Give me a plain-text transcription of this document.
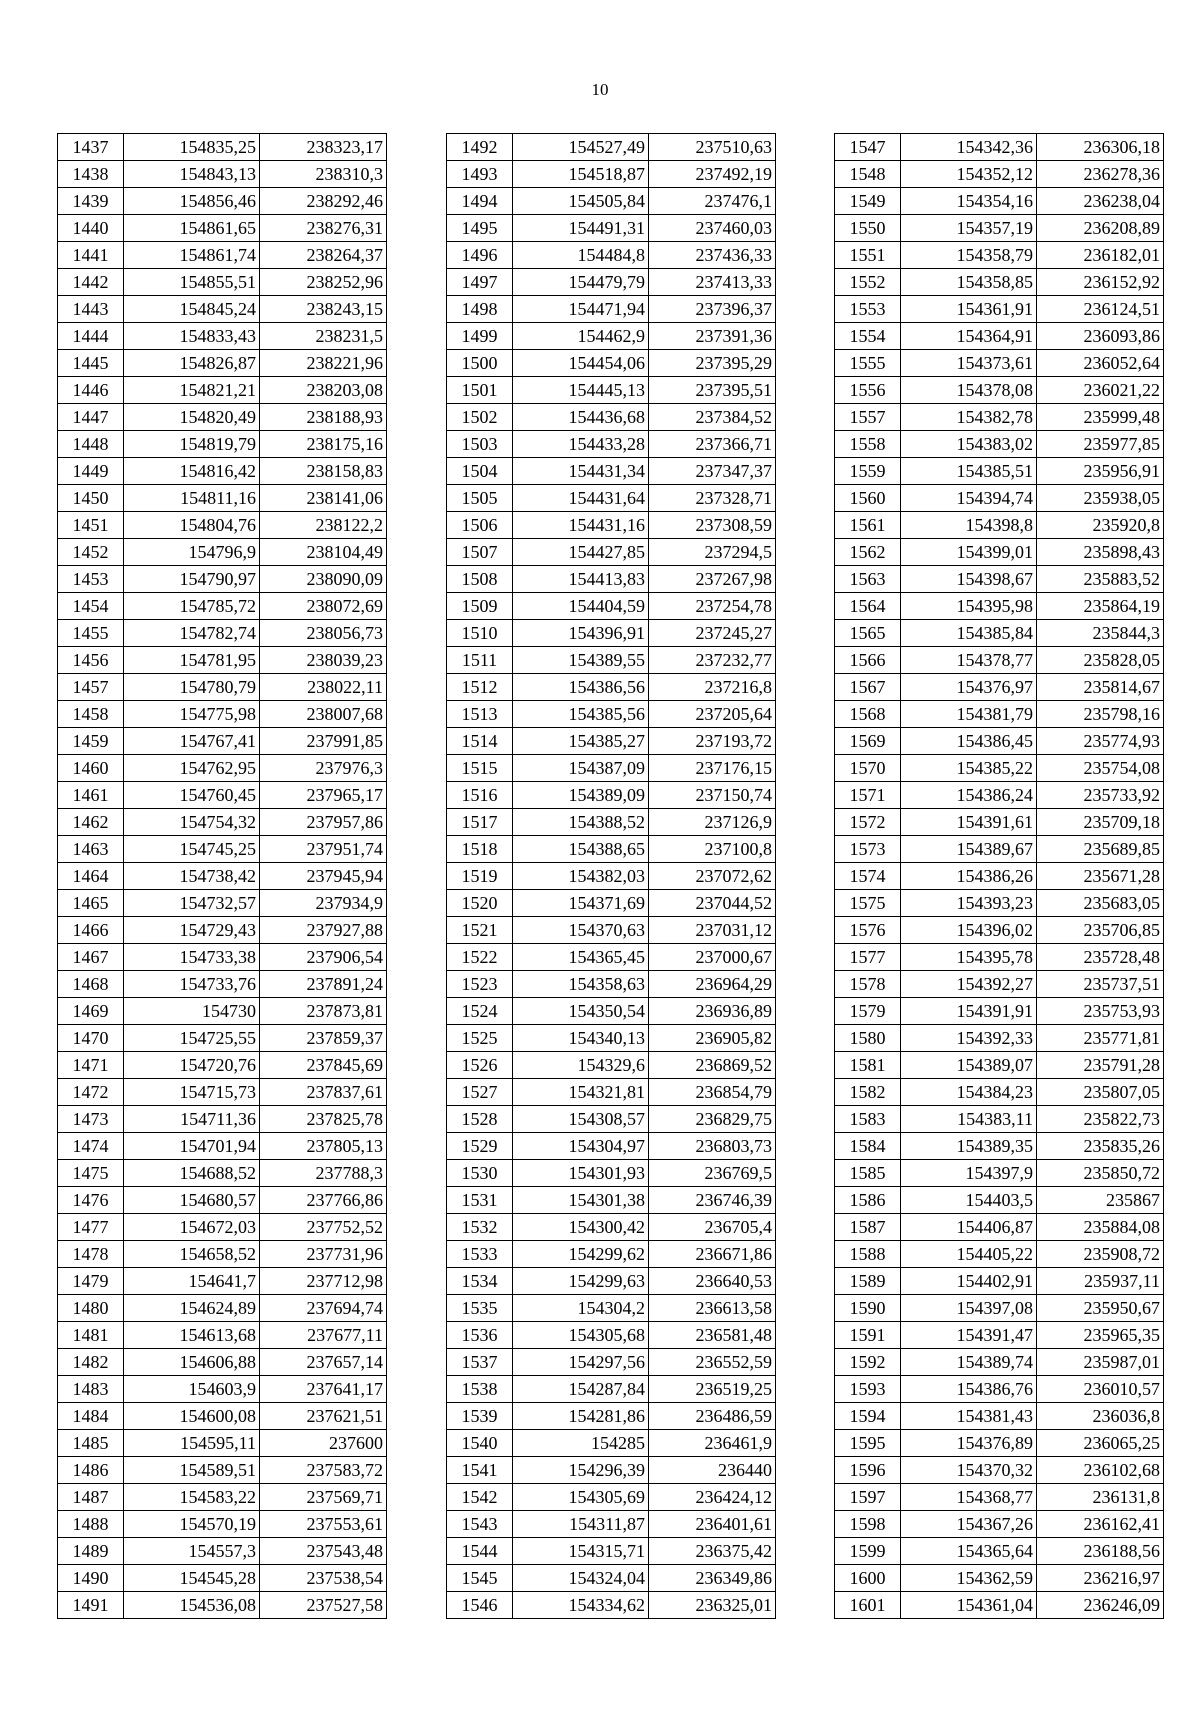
10
1437	154835,25	238323,17
1438	154843,13	238310,3
1439	154856,46	238292,46
1440	154861,65	238276,31
1441	154861,74	238264,37
1442	154855,51	238252,96
1443	154845,24	238243,15
1444	154833,43	238231,5
1445	154826,87	238221,96
1446	154821,21	238203,08
1447	154820,49	238188,93
1448	154819,79	238175,16
1449	154816,42	238158,83
1450	154811,16	238141,06
1451	154804,76	238122,2
1452	154796,9	238104,49
1453	154790,97	238090,09
1454	154785,72	238072,69
1455	154782,74	238056,73
1456	154781,95	238039,23
1457	154780,79	238022,11
1458	154775,98	238007,68
1459	154767,41	237991,85
1460	154762,95	237976,3
1461	154760,45	237965,17
1462	154754,32	237957,86
1463	154745,25	237951,74
1464	154738,42	237945,94
1465	154732,57	237934,9
1466	154729,43	237927,88
1467	154733,38	237906,54
1468	154733,76	237891,24
1469	154730	237873,81
1470	154725,55	237859,37
1471	154720,76	237845,69
1472	154715,73	237837,61
1473	154711,36	237825,78
1474	154701,94	237805,13
1475	154688,52	237788,3
1476	154680,57	237766,86
1477	154672,03	237752,52
1478	154658,52	237731,96
1479	154641,7	237712,98
1480	154624,89	237694,74
1481	154613,68	237677,11
1482	154606,88	237657,14
1483	154603,9	237641,17
1484	154600,08	237621,51
1485	154595,11	237600
1486	154589,51	237583,72
1487	154583,22	237569,71
1488	154570,19	237553,61
1489	154557,3	237543,48
1490	154545,28	237538,54
1491	154536,08	237527,58
1492	154527,49	237510,63
1493	154518,87	237492,19
1494	154505,84	237476,1
1495	154491,31	237460,03
1496	154484,8	237436,33
1497	154479,79	237413,33
1498	154471,94	237396,37
1499	154462,9	237391,36
1500	154454,06	237395,29
1501	154445,13	237395,51
1502	154436,68	237384,52
1503	154433,28	237366,71
1504	154431,34	237347,37
1505	154431,64	237328,71
1506	154431,16	237308,59
1507	154427,85	237294,5
1508	154413,83	237267,98
1509	154404,59	237254,78
1510	154396,91	237245,27
1511	154389,55	237232,77
1512	154386,56	237216,8
1513	154385,56	237205,64
1514	154385,27	237193,72
1515	154387,09	237176,15
1516	154389,09	237150,74
1517	154388,52	237126,9
1518	154388,65	237100,8
1519	154382,03	237072,62
1520	154371,69	237044,52
1521	154370,63	237031,12
1522	154365,45	237000,67
1523	154358,63	236964,29
1524	154350,54	236936,89
1525	154340,13	236905,82
1526	154329,6	236869,52
1527	154321,81	236854,79
1528	154308,57	236829,75
1529	154304,97	236803,73
1530	154301,93	236769,5
1531	154301,38	236746,39
1532	154300,42	236705,4
1533	154299,62	236671,86
1534	154299,63	236640,53
1535	154304,2	236613,58
1536	154305,68	236581,48
1537	154297,56	236552,59
1538	154287,84	236519,25
1539	154281,86	236486,59
1540	154285	236461,9
1541	154296,39	236440
1542	154305,69	236424,12
1543	154311,87	236401,61
1544	154315,71	236375,42
1545	154324,04	236349,86
1546	154334,62	236325,01
1547	154342,36	236306,18
1548	154352,12	236278,36
1549	154354,16	236238,04
1550	154357,19	236208,89
1551	154358,79	236182,01
1552	154358,85	236152,92
1553	154361,91	236124,51
1554	154364,91	236093,86
1555	154373,61	236052,64
1556	154378,08	236021,22
1557	154382,78	235999,48
1558	154383,02	235977,85
1559	154385,51	235956,91
1560	154394,74	235938,05
1561	154398,8	235920,8
1562	154399,01	235898,43
1563	154398,67	235883,52
1564	154395,98	235864,19
1565	154385,84	235844,3
1566	154378,77	235828,05
1567	154376,97	235814,67
1568	154381,79	235798,16
1569	154386,45	235774,93
1570	154385,22	235754,08
1571	154386,24	235733,92
1572	154391,61	235709,18
1573	154389,67	235689,85
1574	154386,26	235671,28
1575	154393,23	235683,05
1576	154396,02	235706,85
1577	154395,78	235728,48
1578	154392,27	235737,51
1579	154391,91	235753,93
1580	154392,33	235771,81
1581	154389,07	235791,28
1582	154384,23	235807,05
1583	154383,11	235822,73
1584	154389,35	235835,26
1585	154397,9	235850,72
1586	154403,5	235867
1587	154406,87	235884,08
1588	154405,22	235908,72
1589	154402,91	235937,11
1590	154397,08	235950,67
1591	154391,47	235965,35
1592	154389,74	235987,01
1593	154386,76	236010,57
1594	154381,43	236036,8
1595	154376,89	236065,25
1596	154370,32	236102,68
1597	154368,77	236131,8
1598	154367,26	236162,41
1599	154365,64	236188,56
1600	154362,59	236216,97
1601	154361,04	236246,09
